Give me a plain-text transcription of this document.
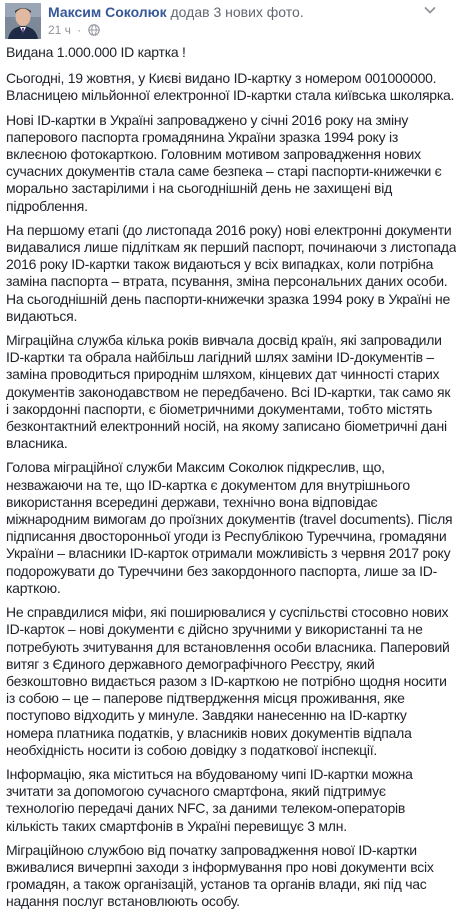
Максим Соколюк додав 3 нових фото.
21 ч ·

Видана 1.000.000 ID картка !

Сьогодні, 19 жовтня, у Києві видано ID-картку з номером 001000000.
Власницею мільйонної електронної ID-картки стала київська школярка.

Нові ID-картки в Україні запроваджено у січні 2016 року на зміну
паперового паспорта громадянина України зразка 1994 року із
вклеєною фотокарткою. Головним мотивом запровадження нових
сучасних документів стала саме безпека – старі паспорти-книжечки є
морально застарілими і на сьогоднішній день не захищені від
підроблення.

На першому етапі (до листопада 2016 року) нові електронні документи
видавалися лише підліткам як перший паспорт, починаючи з листопада
2016 року ID-картки також видаються у всіх випадках, коли потрібна
заміна паспорта – втрата, псування, зміна персональних даних особи.
На сьогоднішній день паспорти-книжечки зразка 1994 року в Україні не
видаються.

Міграційна служба кілька років вивчала досвід країн, які запровадили
ID-картки та обрала найбільш лагідний шлях заміни ID-документів –
заміна проводиться природнім шляхом, кінцевих дат чинності старих
документів законодавством не передбачено. Всі ID-картки, так само як
і закордонні паспорти, є біометричними документами, тобто містять
безконтактний електронний носій, на якому записано біометричні дані
власника.

Голова міграційної служби Максим Соколюк підкреслив, що,
незважаючи на те, що ID-картка є документом для внутрішнього
використання всередині держави, технічно вона відповідає
міжнародним вимогам до проїзних документів (travel documents). Після
підписання двосторонньої угоди із Республікою Туреччина, громадяни
України – власники ID-карток отримали можливість з червня 2017 року
подорожувати до Туреччини без закордонного паспорта, лише за ID-
карткою.

Не справдилися міфи, які поширювалися у суспільстві стосовно нових
ID-карток – нові документи є дійсно зручними у використанні та не
потребують зчитування для встановлення особи власника. Паперовий
витяг з Єдиного державного демографічного Реєстру, який
безкоштовно видається разом з ID-карткою не потрібно щодня носити
із собою – це – паперове підтвердження місця проживання, яке
поступово відходить у минуле. Завдяки нанесенню на ID-картку
номера платника податків, у власників нових документів відпала
необхідність носити із собою довідку з податкової інспекції.

Інформацію, яка міститься на вбудованому чипі ID-картки можна
зчитати за допомогою сучасного смартфона, який підтримує
технологію передачі даних NFC, за даними телеком-операторів
кількість таких смартфонів в Україні перевищує 3 млн.

Міграційною службою від початку запровадження нової ID-картки
вживалися вичерпні заходи з інформування про нові документи всіх
громадян, а також організацій, установ та органів влади, які під час
надання послуг встановлюють особу.
